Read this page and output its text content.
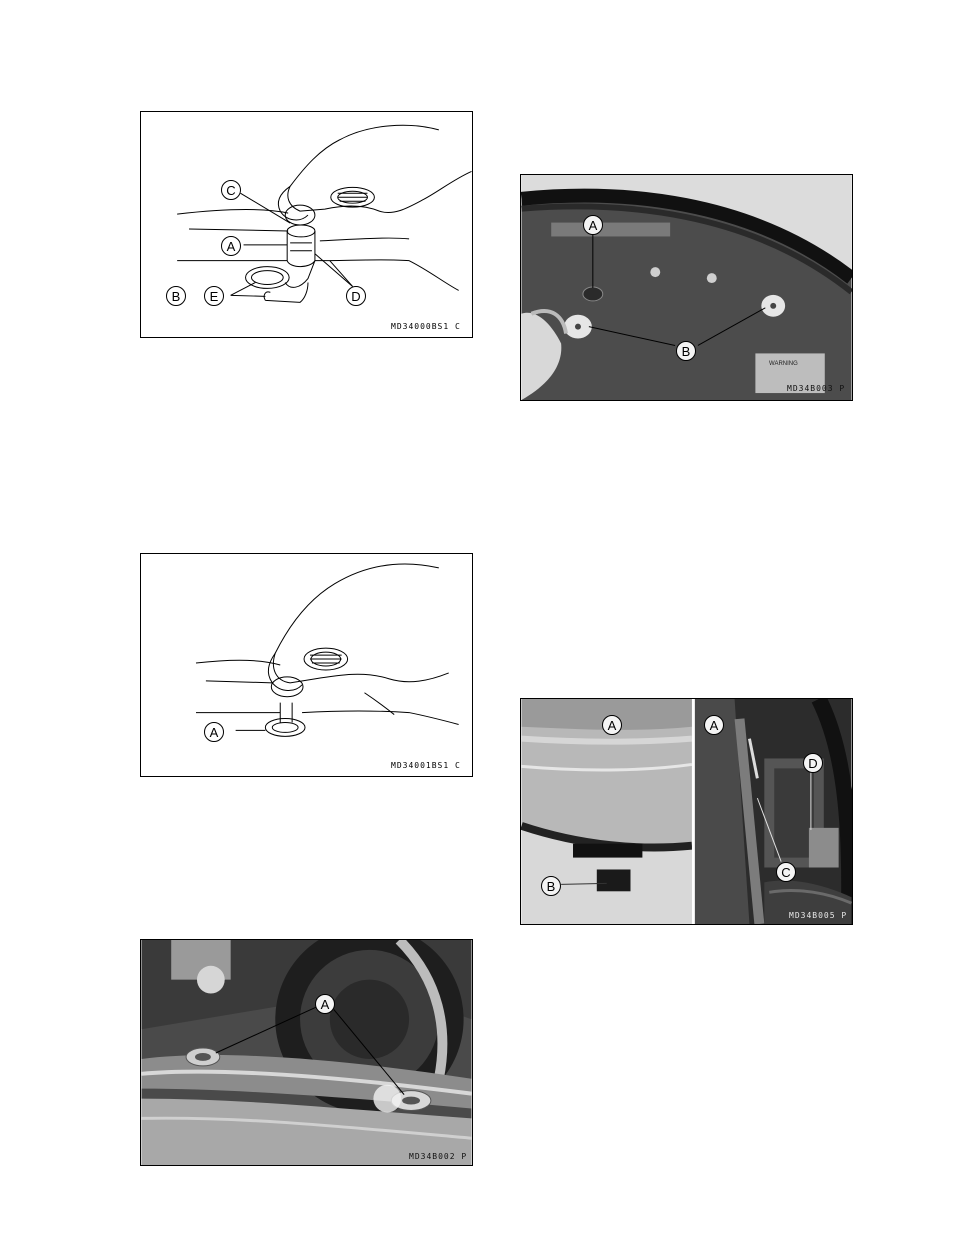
C
A
B	E	D
MD34000BS1 C
A
MD34001BS1 C
A
MD34B002 P
A
B
WARNING
MD34B003 P
A	A
B
D
C
MD34B005 P
